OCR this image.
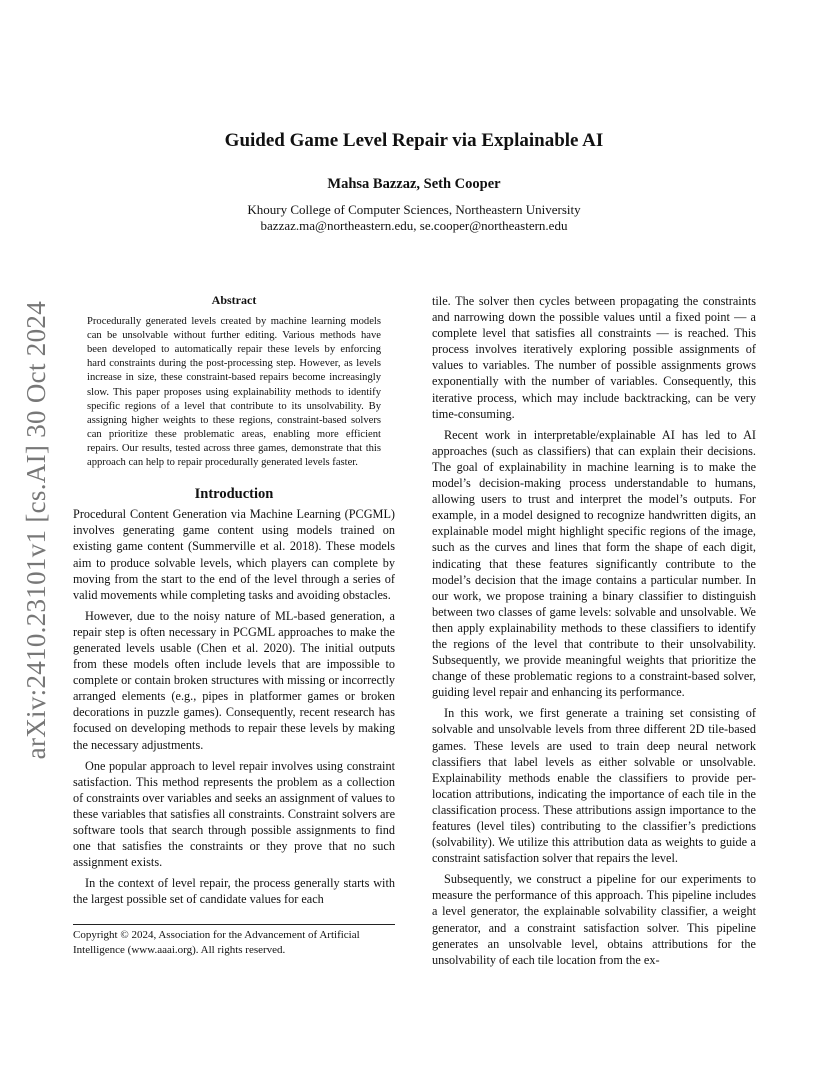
arXiv:2410.23101v1 [cs.AI] 30 Oct 2024
Guided Game Level Repair via Explainable AI
Mahsa Bazzaz, Seth Cooper
Khoury College of Computer Sciences, Northeastern University
bazzaz.ma@northeastern.edu, se.cooper@northeastern.edu
Abstract

Procedurally generated levels created by machine learning models can be unsolvable without further editing. Various methods have been developed to automatically repair these levels by enforcing hard constraints during the post-processing step. However, as levels increase in size, these constraint-based repairs become increasingly slow. This paper proposes using explainability methods to identify specific regions of a level that contribute to its unsolvability. By assigning higher weights to these regions, constraint-based solvers can prioritize these problematic areas, enabling more efficient repairs. Our results, tested across three games, demonstrate that this approach can help to repair procedurally generated levels faster.

Introduction

Procedural Content Generation via Machine Learning (PCGML) involves generating game content using models trained on existing game content (Summerville et al. 2018). These models aim to produce solvable levels, which players can complete by moving from the start to the end of the level through a series of valid movements while completing tasks and avoiding obstacles.

However, due to the noisy nature of ML-based generation, a repair step is often necessary in PCGML approaches to make the generated levels usable (Chen et al. 2020). The initial outputs from these models often include levels that are impossible to complete or contain broken structures with missing or incorrectly arranged elements (e.g., pipes in platformer games or broken decorations in puzzle games). Consequently, recent research has focused on developing methods to repair these levels by making the necessary adjustments.

One popular approach to level repair involves using constraint satisfaction. This method represents the problem as a collection of constraints over variables and seeks an assignment of values to these variables that satisfies all constraints. Constraint solvers are software tools that search through possible assignments to find one that satisfies the constraints or they prove that no such assignment exists.

In the context of level repair, the process generally starts with the largest possible set of candidate values for each

Copyright © 2024, Association for the Advancement of Artificial Intelligence (www.aaai.org). All rights reserved.

tile. The solver then cycles between propagating the constraints and narrowing down the possible values until a fixed point — a complete level that satisfies all constraints — is reached. This process involves iteratively exploring possible assignments of values to variables. The number of possible assignments grows exponentially with the number of variables. Consequently, this iterative process, which may include backtracking, can be very time-consuming.

Recent work in interpretable/explainable AI has led to AI approaches (such as classifiers) that can explain their decisions. The goal of explainability in machine learning is to make the model’s decision-making process understandable to humans, allowing users to trust and interpret the model’s outputs. For example, in a model designed to recognize handwritten digits, an explainable model might highlight specific regions of the image, such as the curves and lines that form the shape of each digit, indicating that these features significantly contribute to the model’s decision that the image contains a particular number. In our work, we propose training a binary classifier to distinguish between two classes of game levels: solvable and unsolvable. We then apply explainability methods to these classifiers to identify the regions of the level that contribute to their unsolvability. Subsequently, we provide meaningful weights that prioritize the change of these problematic regions to a constraint-based solver, guiding level repair and enhancing its performance.

In this work, we first generate a training set consisting of solvable and unsolvable levels from three different 2D tile-based games. These levels are used to train deep neural network classifiers that label levels as either solvable or unsolvable. Explainability methods enable the classifiers to provide per-location attributions, indicating the importance of each tile in the classification process. These attributions assign importance to the features (level tiles) contributing to the classifier’s predictions (solvability). We utilize this attribution data as weights to guide a constraint satisfaction solver that repairs the level.

Subsequently, we construct a pipeline for our experiments to measure the performance of this approach. This pipeline includes a level generator, the explainable solvability classifier, a weight generator, and a constraint satisfaction solver. This pipeline generates an unsolvable level, obtains attributions for the unsolvability of each tile location from the ex-
